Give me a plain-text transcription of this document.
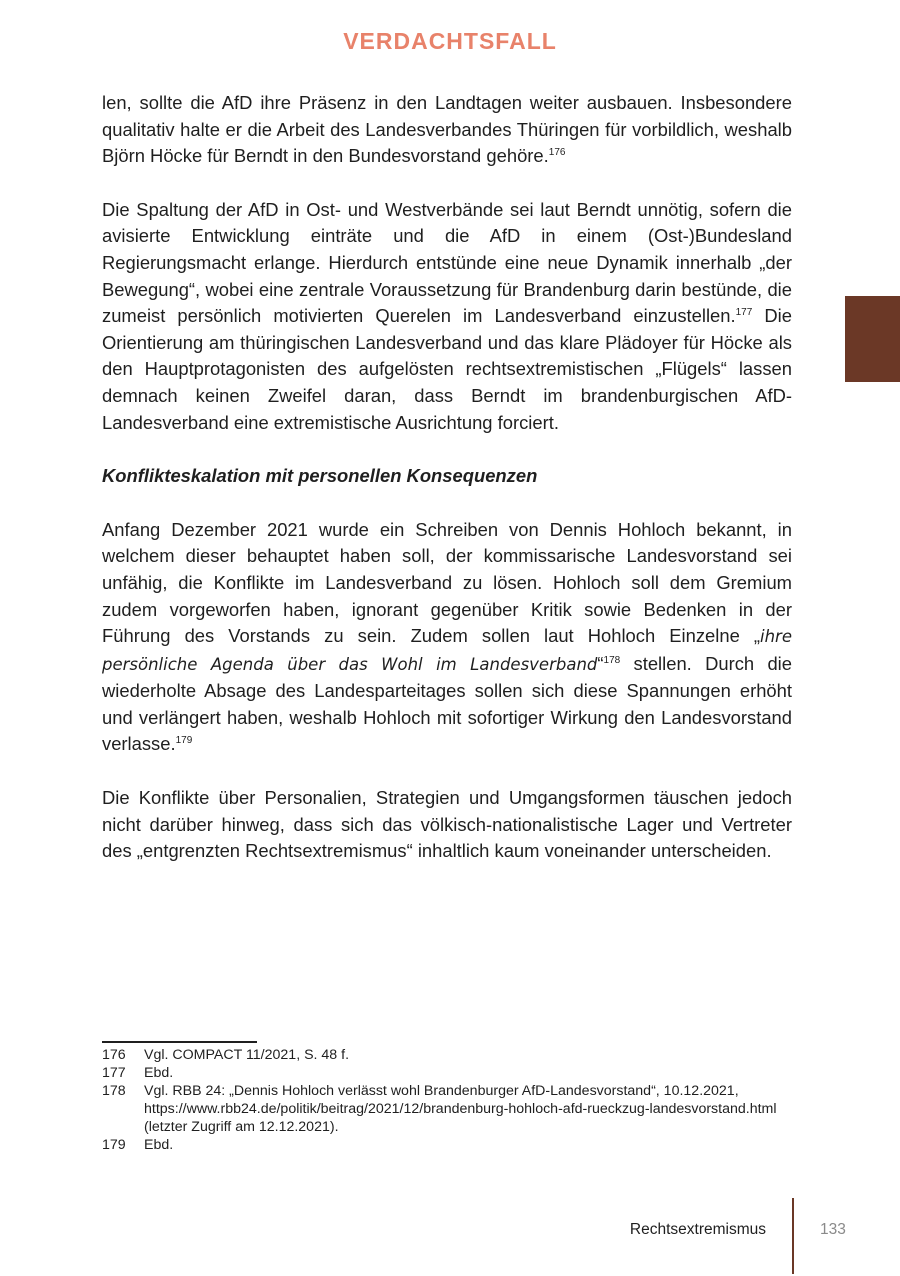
VERDACHTSFALL

len, sollte die AfD ihre Präsenz in den Landtagen weiter ausbauen. Insbesondere qualitativ halte er die Arbeit des Landesverbandes Thüringen für vorbildlich, weshalb Björn Höcke für Berndt in den Bundesvorstand gehöre.$^{176}$

Die Spaltung der AfD in Ost- und Westverbände sei laut Berndt unnötig, sofern die avisierte Entwicklung einträte und die AfD in einem (Ost-)Bundesland Regierungsmacht erlange. Hierdurch entstünde eine neue Dynamik innerhalb „der Bewegung“, wobei eine zentrale Voraussetzung für Brandenburg darin bestünde, die zumeist persönlich motivierten Querelen im Landesverband einzustellen.$^{177}$ Die Orientierung am thüringischen Landesverband und das klare Plädoyer für Höcke als den Hauptprotagonisten des aufgelösten rechtsextremistischen „Flügels“ lassen demnach keinen Zweifel daran, dass Berndt im brandenburgischen AfD-Landesverband eine extremistische Ausrichtung forciert.

Konflikteskalation mit personellen Konsequenzen

Anfang Dezember 2021 wurde ein Schreiben von Dennis Hohloch bekannt, in welchem dieser behauptet haben soll, der kommissarische Landesvorstand sei unfähig, die Konflikte im Landesverband zu lösen. Hohloch soll dem Gremium zudem vorgeworfen haben, ignorant gegenüber Kritik sowie Bedenken in der Führung des Vorstands zu sein. Zudem sollen laut Hohloch Einzelne „ihre persönliche Agenda über das Wohl im Landesverband“$^{178}$ stellen. Durch die wiederholte Absage des Landesparteitages sollen sich diese Spannungen erhöht und verlängert haben, weshalb Hohloch mit sofortiger Wirkung den Landesvorstand verlasse.$^{179}$

Die Konflikte über Personalien, Strategien und Umgangsformen täuschen jedoch nicht darüber hinweg, dass sich das völkisch-nationalistische Lager und Vertreter des „entgrenzten Rechtsextremismus“ inhaltlich kaum voneinander unterscheiden.

176	Vgl. COMPACT 11/2021, S. 48 f.
177	Ebd.
178	Vgl. RBB 24: „Dennis Hohloch verlässt wohl Brandenburger AfD-Landesvorstand“, 10.12.2021, https://www.rbb24.de/politik/beitrag/2021/12/brandenburg-hohloch-afd-rueckzug-landesvorstand.html (letzter Zugriff am 12.12.2021).
179	Ebd.
Rechtsextremismus	133
